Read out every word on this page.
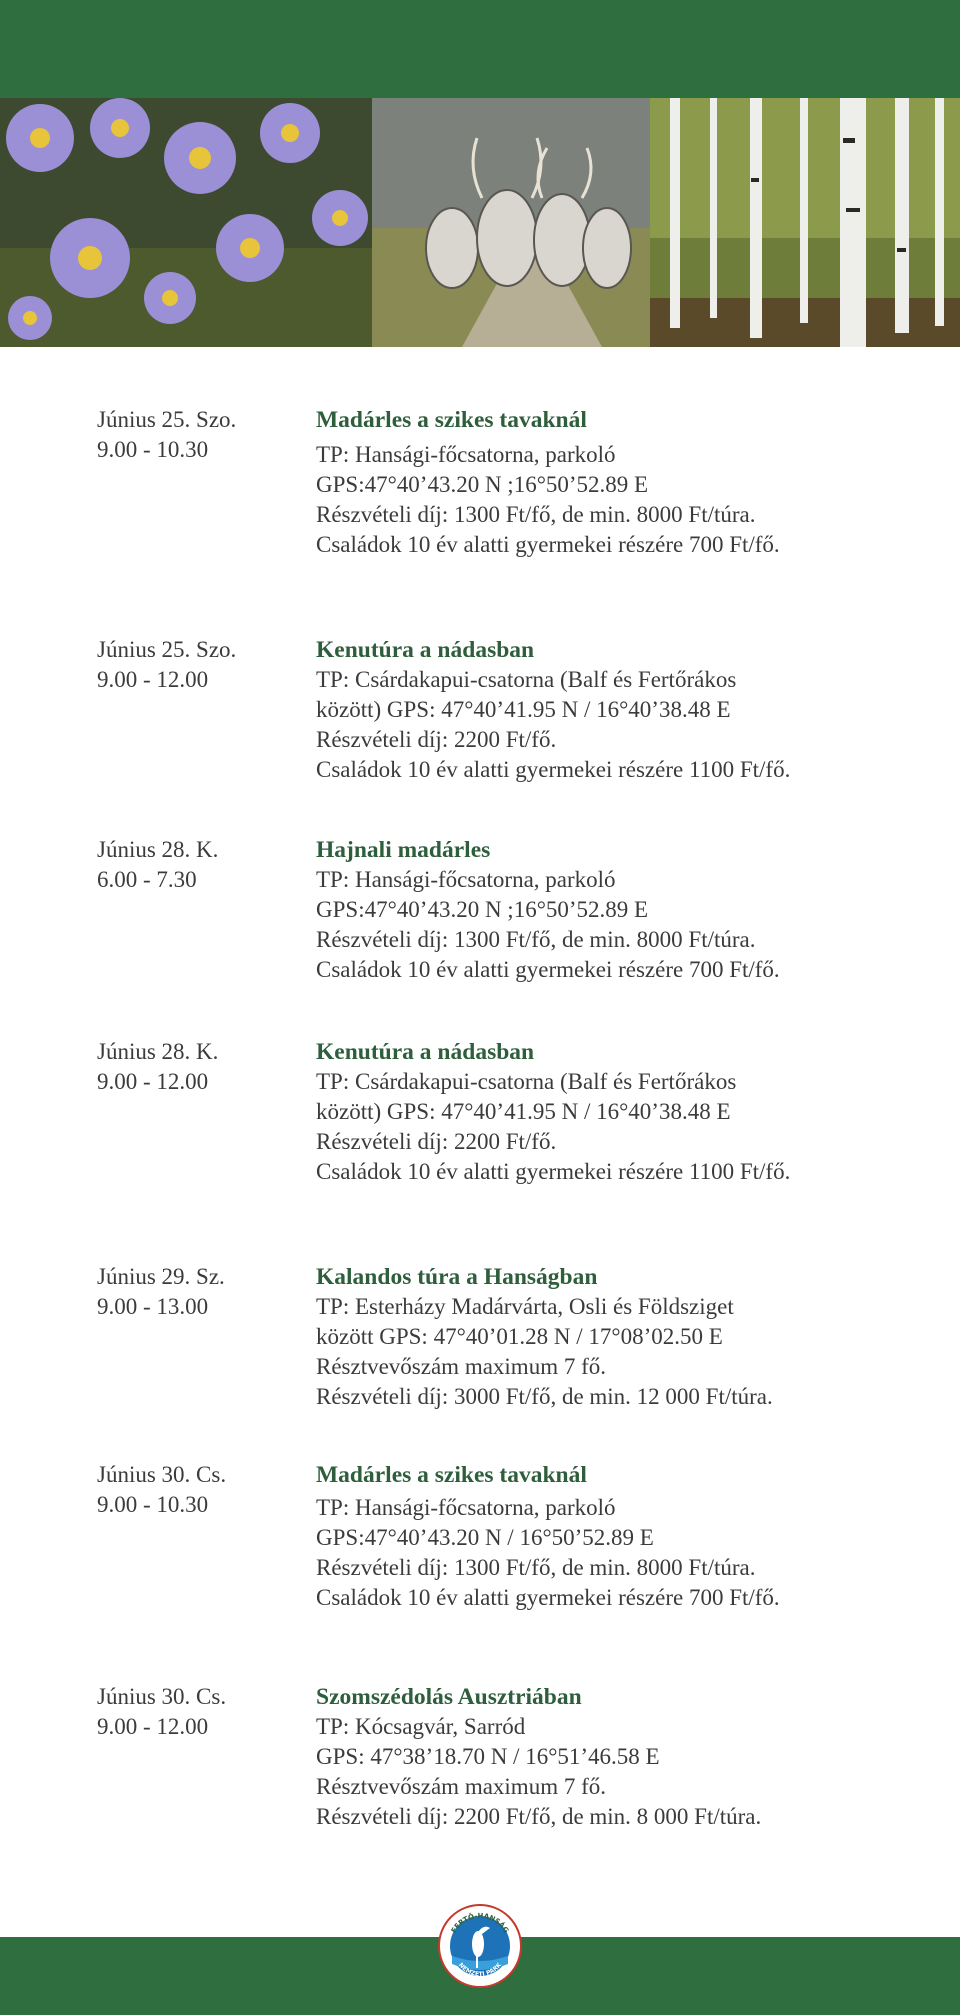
Június 25. Szo.
9.00 - 10.30
Madárles a szikes tavaknál
TP: Hansági-főcsatorna, parkoló
GPS:47°40’43.20 N ;16°50’52.89 E
Részvételi díj: 1300 Ft/fő, de min. 8000 Ft/túra.
Családok 10 év alatti gyermekei részére 700 Ft/fő.
Június 25. Szo.
9.00 - 12.00
Kenutúra a nádasban
TP: Csárdakapui-csatorna (Balf és Fertőrákos
között) GPS: 47°40’41.95 N / 16°40’38.48 E
Részvételi díj: 2200 Ft/fő.
Családok 10 év alatti gyermekei részére 1100 Ft/fő.
Június 28. K.
6.00 - 7.30
Hajnali madárles
TP: Hansági-főcsatorna, parkoló
GPS:47°40’43.20 N ;16°50’52.89 E
Részvételi díj: 1300 Ft/fő, de min. 8000 Ft/túra.
Családok 10 év alatti gyermekei részére 700 Ft/fő.
Június 28. K.
9.00 - 12.00
Kenutúra a nádasban
TP: Csárdakapui-csatorna (Balf és Fertőrákos
között) GPS: 47°40’41.95 N / 16°40’38.48 E
Részvételi díj: 2200 Ft/fő.
Családok 10 év alatti gyermekei részére 1100 Ft/fő.
Június 29. Sz.
9.00 - 13.00
Kalandos túra a Hanságban
TP: Esterházy Madárvárta, Osli és Földsziget
között GPS: 47°40’01.28 N / 17°08’02.50 E
Résztvevőszám maximum 7 fő.
Részvételi díj: 3000 Ft/fő, de min. 12 000 Ft/túra.
Június 30. Cs.
9.00 - 10.30
Madárles a szikes tavaknál
TP: Hansági-főcsatorna, parkoló
GPS:47°40’43.20 N / 16°50’52.89 E
Részvételi díj: 1300 Ft/fő, de min. 8000 Ft/túra.
Családok 10 év alatti gyermekei részére 700 Ft/fő.
Június 30. Cs.
9.00 - 12.00
Szomszédolás Ausztriában
TP: Kócsagvár, Sarród
GPS: 47°38’18.70 N / 16°51’46.58 E
Résztvevőszám maximum 7 fő.
Részvételi díj: 2200 Ft/fő, de min. 8 000 Ft/túra.
FERTŐ-HANSÁG
NEMZETI PARK
